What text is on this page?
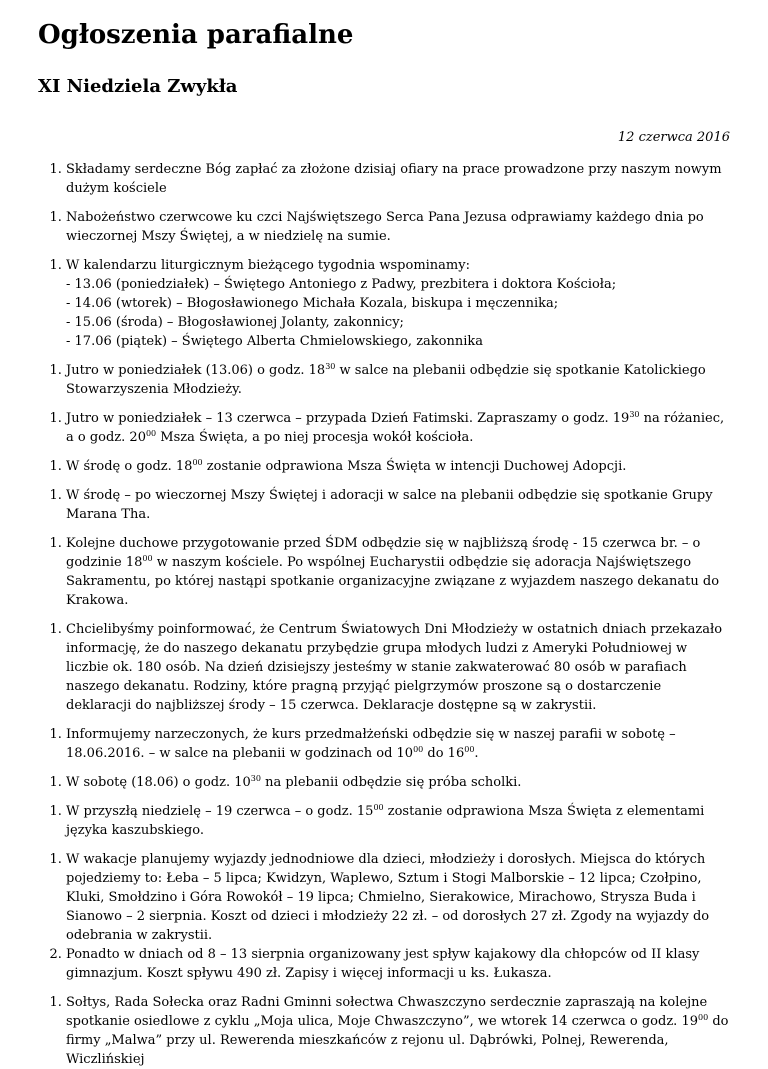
Ogłoszenia parafialne
XI Niedziela Zwykła
12 czerwca 2016
1. Składamy serdeczne Bóg zapłać za złożone dzisiaj ofiary na prace prowadzone przy naszym nowym dużym kościele
1. Nabożeństwo czerwcowe ku czci Najświętszego Serca Pana Jezusa odprawiamy każdego dnia po wieczornej Mszy Świętej, a w niedzielę na sumie.
1. W kalendarzu liturgicznym bieżącego tygodnia wspominamy:
- 13.06 (poniedziałek) – Świętego Antoniego z Padwy, prezbitera i doktora Kościoła;
- 14.06 (wtorek) – Błogosławionego Michała Kozala, biskupa i męczennika;
- 15.06 (środa) – Błogosławionej Jolanty, zakonnicy;
- 17.06 (piątek) – Świętego Alberta Chmielowskiego, zakonnika
1. Jutro w poniedziałek (13.06) o godz. $18^{30}$ w salce na plebanii odbędzie się spotkanie Katolickiego Stowarzyszenia Młodzieży.
1. Jutro w poniedziałek – 13 czerwca – przypada Dzień Fatimski. Zapraszamy o godz. $19^{30}$ na różaniec, a o godz. $20^{00}$ Msza Święta, a po niej procesja wokół kościoła.
1. W środę o godz. $18^{00}$ zostanie odprawiona Msza Święta w intencji Duchowej Adopcji.
1. W środę – po wieczornej Mszy Świętej i adoracji w salce na plebanii odbędzie się spotkanie Grupy Marana Tha.
1. Kolejne duchowe przygotowanie przed ŚDM odbędzie się w najbliższą środę - 15 czerwca br. – o godzinie $18^{00}$ w naszym kościele. Po wspólnej Eucharystii odbędzie się adoracja Najświętszego Sakramentu, po której nastąpi spotkanie organizacyjne związane z wyjazdem naszego dekanatu do Krakowa.
1. Chcielibyśmy poinformować, że Centrum Światowych Dni Młodzieży w ostatnich dniach przekazało informację, że do naszego dekanatu przybędzie grupa młodych ludzi z Ameryki Południowej w liczbie ok. 180 osób. Na dzień dzisiejszy jesteśmy w stanie zakwaterować 80 osób w parafiach naszego dekanatu. Rodziny, które pragną przyjąć pielgrzymów proszone są o dostarczenie deklaracji do najbliższej środy – 15 czerwca. Deklaracje dostępne są w zakrystii.
1. Informujemy narzeczonych, że kurs przedmałżeński odbędzie się w naszej parafii w sobotę – 18.06.2016. – w salce na plebanii w godzinach od $10^{00}$ do $16^{00}$.
1. W sobotę (18.06) o godz. $10^{30}$ na plebanii odbędzie się próba scholki.
1. W przyszłą niedzielę – 19 czerwca – o godz. $15^{00}$ zostanie odprawiona Msza Święta z elementami języka kaszubskiego.
1. W wakacje planujemy wyjazdy jednodniowe dla dzieci, młodzieży i dorosłych. Miejsca do których pojedziemy to: Łeba – 5 lipca; Kwidzyn, Waplewo, Sztum i Stogi Malborskie – 12 lipca; Czołpino, Kluki, Smołdzino i Góra Rowokół – 19 lipca; Chmielno, Sierakowice, Mirachowo, Strysza Buda i Sianowo – 2 sierpnia. Koszt od dzieci i młodzieży 22 zł. – od dorosłych 27 zł. Zgody na wyjazdy do odebrania w zakrystii.
2. Ponadto w dniach od 8 – 13 sierpnia organizowany jest spływ kajakowy dla chłopców od II klasy gimnazjum. Koszt spływu 490 zł. Zapisy i więcej informacji u ks. Łukasza.
1. Sołtys, Rada Sołecka oraz Radni Gminni sołectwa Chwaszczyno serdecznie zapraszają na kolejne spotkanie osiedlowe z cyklu „Moja ulica, Moje Chwaszczyno”, we wtorek 14 czerwca o godz. $19^{00}$ do firmy „Malwa” przy ul. Rewerenda mieszkańców z rejonu ul. Dąbrówki, Polnej, Rewerenda, Wiczlińskiej
